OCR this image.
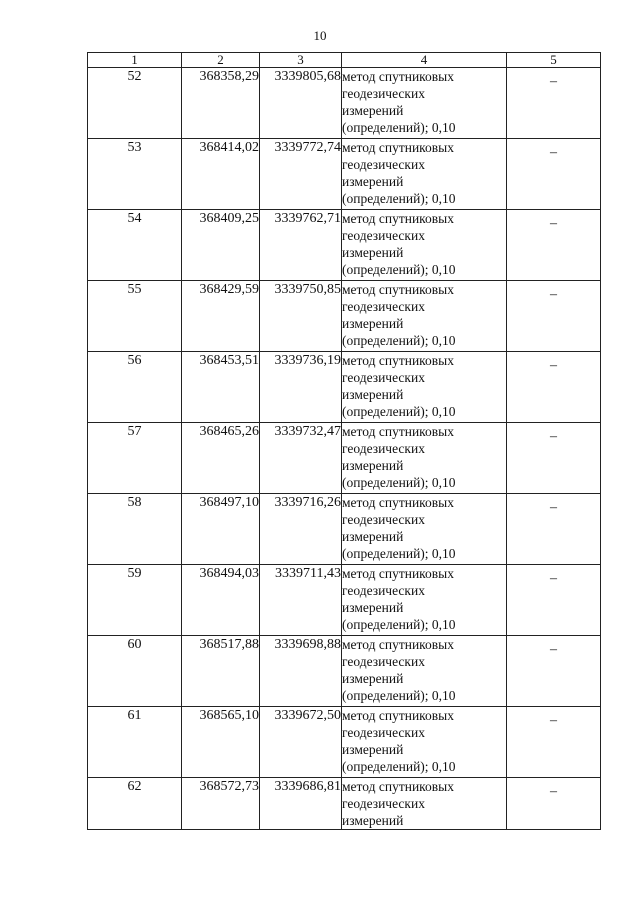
10
1	2	3	4	5
52	368358,29	3339805,68	метод спутниковых
геодезических
измерений
(определений); 0,10	–
53	368414,02	3339772,74	метод спутниковых
геодезических
измерений
(определений); 0,10	–
54	368409,25	3339762,71	метод спутниковых
геодезических
измерений
(определений); 0,10	–
55	368429,59	3339750,85	метод спутниковых
геодезических
измерений
(определений); 0,10	–
56	368453,51	3339736,19	метод спутниковых
геодезических
измерений
(определений); 0,10	–
57	368465,26	3339732,47	метод спутниковых
геодезических
измерений
(определений); 0,10	–
58	368497,10	3339716,26	метод спутниковых
геодезических
измерений
(определений); 0,10	–
59	368494,03	3339711,43	метод спутниковых
геодезических
измерений
(определений); 0,10	–
60	368517,88	3339698,88	метод спутниковых
геодезических
измерений
(определений); 0,10	–
61	368565,10	3339672,50	метод спутниковых
геодезических
измерений
(определений); 0,10	–
62	368572,73	3339686,81	метод спутниковых
геодезических
измерений	–
